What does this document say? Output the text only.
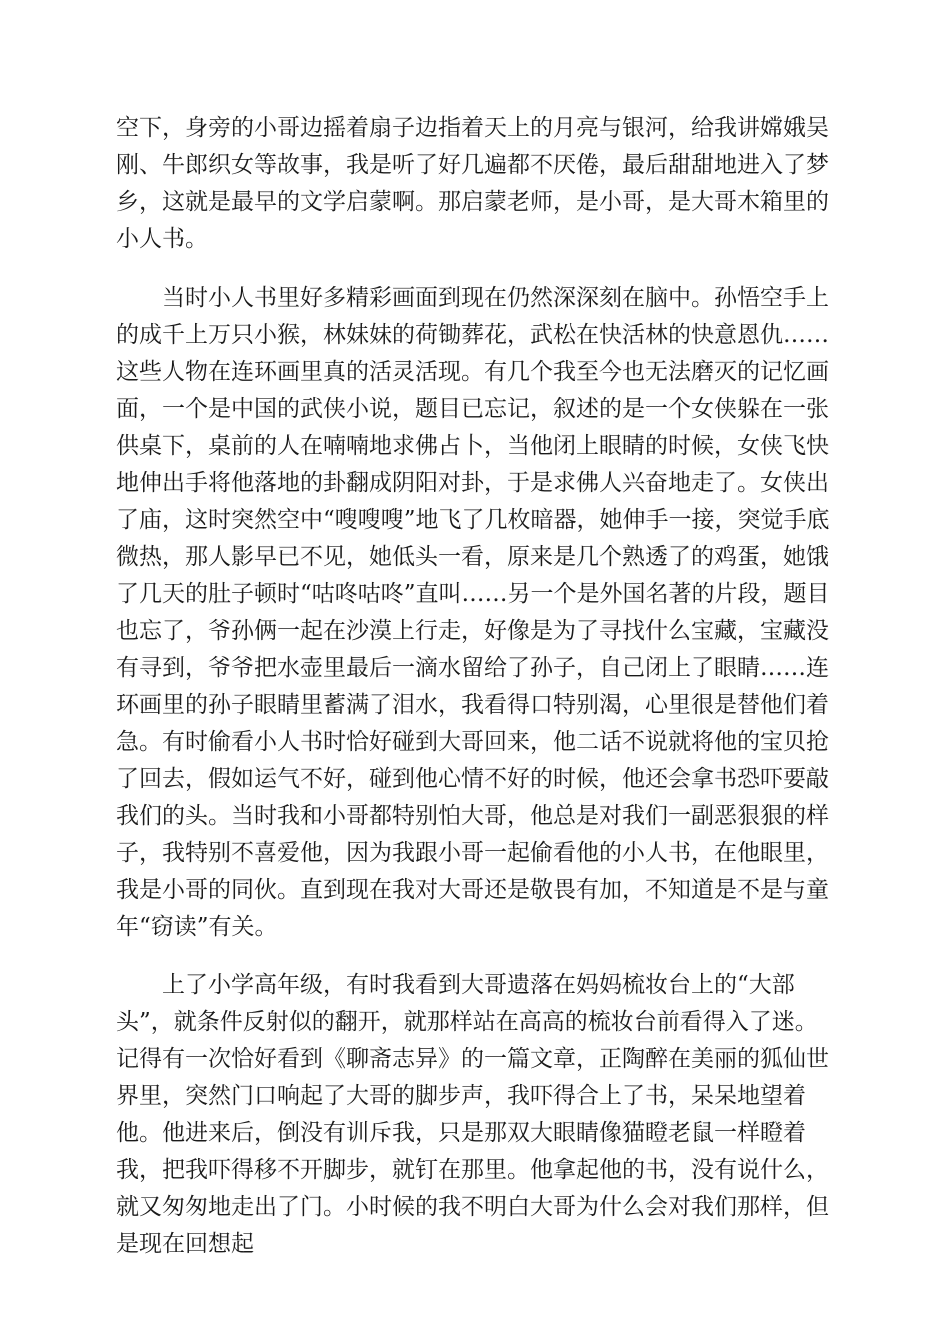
空下，身旁的小哥边摇着扇子边指着天上的月亮与银河，给我讲嫦娥吴刚、牛郎织女等故事，我是听了好几遍都不厌倦，最后甜甜地进入了梦乡，这就是最早的文学启蒙啊。那启蒙老师，是小哥，是大哥木箱里的小人书。

当时小人书里好多精彩画面到现在仍然深深刻在脑中。孙悟空手上的成千上万只小猴，林妹妹的荷锄葬花，武松在快活林的快意恩仇……这些人物在连环画里真的活灵活现。有几个我至今也无法磨灭的记忆画面，一个是中国的武侠小说，题目已忘记，叙述的是一个女侠躲在一张供桌下，桌前的人在喃喃地求佛占卜，当他闭上眼睛的时候，女侠飞快地伸出手将他落地的卦翻成阴阳对卦，于是求佛人兴奋地走了。女侠出了庙，这时突然空中“嗖嗖嗖”地飞了几枚暗器，她伸手一接，突觉手底微热，那人影早已不见，她低头一看，原来是几个熟透了的鸡蛋，她饿了几天的肚子顿时“咕咚咕咚”直叫……另一个是外国名著的片段，题目也忘了，爷孙俩一起在沙漠上行走，好像是为了寻找什么宝藏，宝藏没有寻到，爷爷把水壶里最后一滴水留给了孙子，自己闭上了眼睛……连环画里的孙子眼睛里蓄满了泪水，我看得口特别渴，心里很是替他们着急。有时偷看小人书时恰好碰到大哥回来，他二话不说就将他的宝贝抢了回去，假如运气不好，碰到他心情不好的时候，他还会拿书恐吓要敲我们的头。当时我和小哥都特别怕大哥，他总是对我们一副恶狠狠的样子，我特别不喜爱他，因为我跟小哥一起偷看他的小人书，在他眼里，我是小哥的同伙。直到现在我对大哥还是敬畏有加，不知道是不是与童年“窃读”有关。

上了小学高年级，有时我看到大哥遗落在妈妈梳妆台上的“大部头”，就条件反射似的翻开，就那样站在高高的梳妆台前看得入了迷。记得有一次恰好看到《聊斋志异》的一篇文章，正陶醉在美丽的狐仙世界里，突然门口响起了大哥的脚步声，我吓得合上了书，呆呆地望着他。他进来后，倒没有训斥我，只是那双大眼睛像猫瞪老鼠一样瞪着我，把我吓得移不开脚步，就钉在那里。他拿起他的书，没有说什么，就又匆匆地走出了门。小时候的我不明白大哥为什么会对我们那样，但是现在回想起
